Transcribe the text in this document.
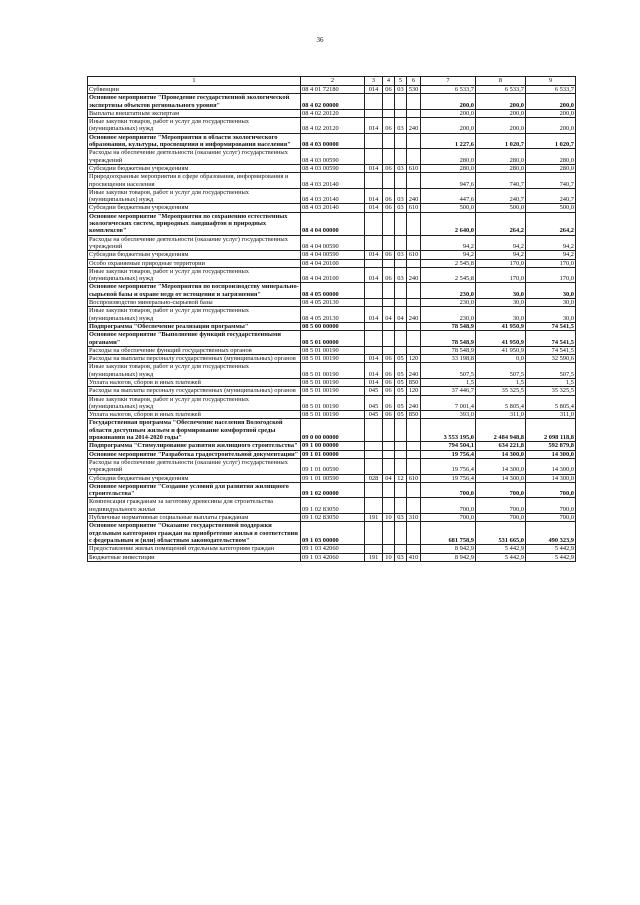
36
1	2	3	4	5	6	7	8	9
Субвенции	08 4 01 72180	014	06	03	530	6 533,7	6 533,7	6 533,7
Основное мероприятие "Проведение государственной экологической экспертизы объектов регионального уровня"	08 4 02 00000					200,0	200,0	200,0
Выплаты внештатным экспертам	08 4 02 20120					200,0	200,0	200,0
Иные закупки товаров, работ и услуг для государственных (муниципальных) нужд	08 4 02 20120	014	06	03	240	200,0	200,0	200,0
Основное мероприятие "Мероприятия в области экологического образования, культуры, просвещения и информирования населения"	08 4 03 00000					1 227,6	1 020,7	1 020,7
Расходы на обеспечение деятельности (оказание услуг) государственных учреждений	08 4 03 00590					280,0	280,0	280,0
Субсидии бюджетным учреждениям	08 4 03 00590	014	06	03	610	280,0	280,0	280,0
Природоохранные мероприятия в сфере образования, информирования и просвещения населения	08 4 03 20140					947,6	740,7	740,7
Иные закупки товаров, работ и услуг для государственных (муниципальных) нужд	08 4 03 20140	014	06	03	240	447,6	240,7	240,7
Субсидии бюджетным учреждениям	08 4 03 20140	014	06	03	610	500,0	500,0	500,0
Основное мероприятие "Мероприятия по сохранению естественных экологических систем, природных ландшафтов и природных комплексов"	08 4 04 00000					2 640,0	264,2	264,2
Расходы на обеспечение деятельности (оказание услуг) государственных учреждений	08 4 04 00590					94,2	94,2	94,2
Субсидии бюджетным учреждениям	08 4 04 00590	014	06	03	610	94,2	94,2	94,2
Особо охраняемые природные территории	08 4 04 20100					2 545,8	170,0	170,0
Иные закупки товаров, работ и услуг для государственных (муниципальных) нужд	08 4 04 20100	014	06	03	240	2 545,8	170,0	170,0
Основное мероприятие "Мероприятия по воспроизводству минерально-сырьевой базы и охране недр от истощения и загрязнения"	08 4 05 00000					230,0	30,0	30,0
Воспроизводство минерально-сырьевой базы	08 4 05 20130					230,0	30,0	30,0
Иные закупки товаров, работ и услуг для государственных (муниципальных) нужд	08 4 05 20130	014	04	04	240	230,0	30,0	30,0
Подпрограмма "Обеспечение реализации программы"	08 5 00 00000					78 548,9	41 950,9	74 541,5
Основное мероприятие "Выполнение функций государственными органами"	08 5 01 00000					78 548,9	41 950,9	74 541,5
Расходы на обеспечение функций государственных органов	08 5 01 00190					78 548,9	41 950,9	74 541,5
Расходы на выплаты персоналу государственных (муниципальных) органов	08 5 01 00190	014	06	05	120	33 198,8	0,0	32 590,6
Иные закупки товаров, работ и услуг для государственных (муниципальных) нужд	08 5 01 00190	014	06	05	240	507,5	507,5	507,5
Уплата налогов, сборов и иных платежей	08 5 01 00190	014	06	05	850	1,5	1,5	1,5
Расходы на выплаты персоналу государственных (муниципальных) органов	08 5 01 00190	045	06	05	120	37 446,7	35 325,5	35 325,5
Иные закупки товаров, работ и услуг для государственных (муниципальных) нужд	08 5 01 00190	045	06	05	240	7 001,4	5 805,4	5 805,4
Уплата налогов, сборов и иных платежей	08 5 01 00190	045	06	05	850	393,0	311,0	311,0
Государственная программа "Обеспечение населения Вологодской области доступным жильем и формирование комфортной среды проживания на 2014-2020 годы"	09 0 00 00000					3 553 195,0	2 484 948,8	2 098 118,8
Подпрограмма "Стимулирование развития жилищного строительства"	09 1 00 00000					794 504,1	634 221,8	592 879,8
Основное мероприятие "Разработка градостроительной документации"	09 1 01 00000					19 756,4	14 300,0	14 300,0
Расходы на обеспечение деятельности (оказание услуг) государственных учреждений	09 1 01 00590					19 756,4	14 300,0	14 300,0
Субсидии бюджетным учреждениям	09 1 01 00590	028	04	12	610	19 756,4	14 300,0	14 300,0
Основное мероприятие "Создание условий для развития жилищного строительства"	09 1 02 00000					700,0	700,0	700,0
Компенсация гражданам за заготовку древесины для строительства индивидуального жилья	09 1 02 83050					700,0	700,0	700,0
Публичные нормативные социальные выплаты гражданам	09 1 02 83050	191	10	03	310	700,0	700,0	700,0
Основное мероприятие "Оказание государственной поддержки отдельным категориям граждан на приобретение жилья в соответствии с федеральным и (или) областным законодательством"	09 1 03 00000					681 758,9	531 665,0	490 323,9
Предоставление жилых помещений отдельным категориям граждан	09 1 03 42060					8 942,9	5 442,9	5 442,9
Бюджетные инвестиции	09 1 03 42060	191	10	03	410	8 942,9	5 442,9	5 442,9
